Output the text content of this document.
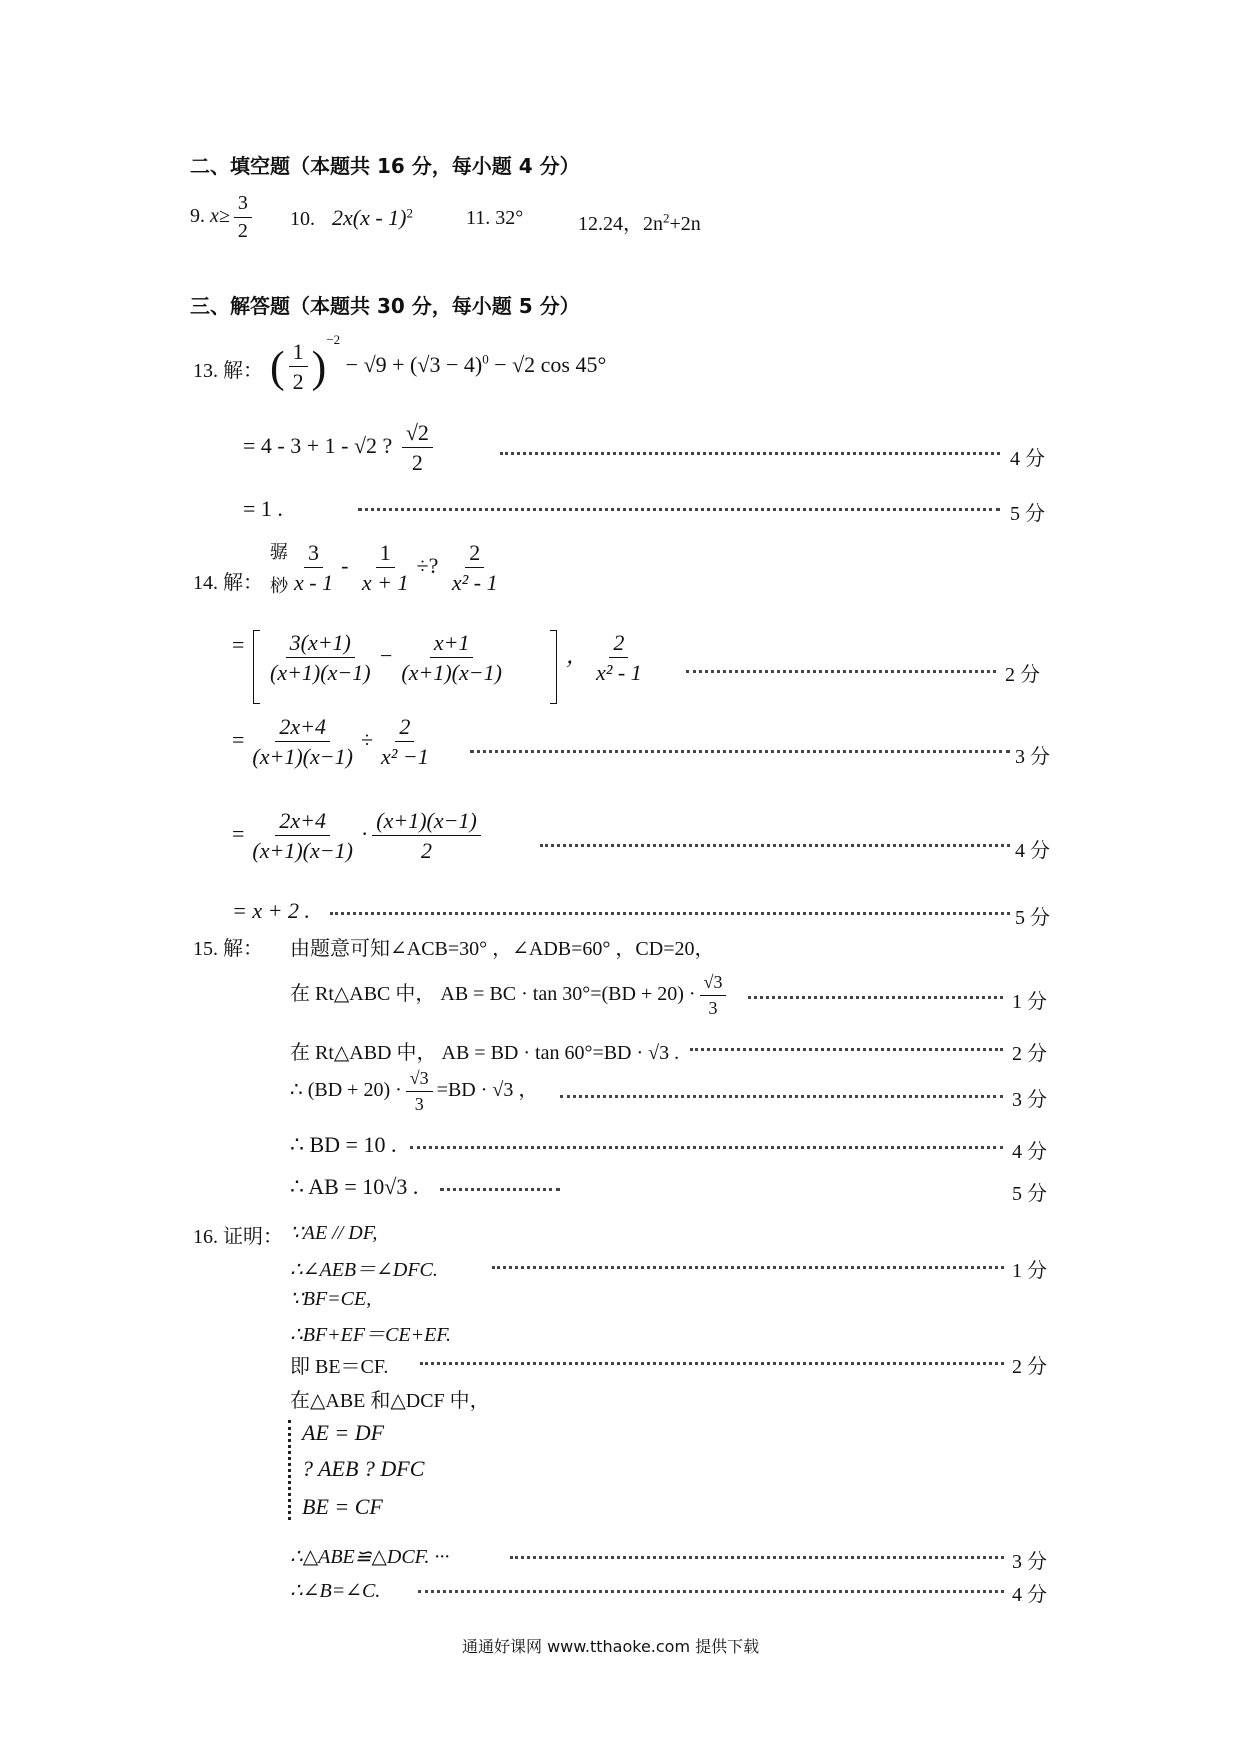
二、填空题（本题共 16 分，每小题 4 分）
9. $x\ge \frac{3}{2} 10$. 2x(x - 1)$^2$	11. 32°	12.24，$2n^2+2n$
三、解答题（本题共 30 分，每小题 5 分）
13. 解： ( $\frac{1}{2} )^{-2} - √9 + (√3 - 4)^0 - √2$ cos 45°
= 4 - 3 + 1 - √2 ? $\frac{√2}{2}$	4 分
= 1 .	5 分
14. 解：
骣
桫 $\frac{3}{x - 1} - \frac{1}{x + 1}$ ÷? $\frac{2}{\text{x² - 1}}$
= $\frac{3(x+1)}{(x+1)(x-1)} - \frac{x+1}{(x+1)(x-1)}$	， $\frac{2}{\text{x² - 1}}$	2 分
= $\frac{2x+4}{(x+1)(x-1)} \div \frac{2}{\text{x² −1}}$	3 分
= $\frac{2x+4}{(x+1)(x-1)} \cdot \frac{(x+1)(x-1)}{2}$	4 分
= x + 2 .	5 分
15. 解： 由题意可知∠ACB=30° ，∠ADB=60° ，CD=20，
在 Rt△ABC 中， AB = BC · $\tan 30^\circ=(BD + 20) \cdot \frac{√3}{3}$	1 分
在 Rt△ABD 中， AB = BD · tan 60°=BD · √3 .	2 分
∴ $(BD + 20) \cdot \frac{√3}{3} =BD \cdot √3$ ，	3 分
∴ BD = 10 .	4 分
∴ AB = 10√3 .	5 分
16. 证明： ∵AE // DF,
∴∠AEB＝∠DFC.	1 分
∵BF=CE,
∴BF+EF＝CE+EF.
即 BE＝CF.	2 分
在△ABE 和△DCF 中，
AE = DF
? AEB ? DFC
BE = CF
∴△ABE≌△DCF. ···	3 分
∴∠B=∠C.	4 分
通通好课网 www.tthaoke.com 提供下载
